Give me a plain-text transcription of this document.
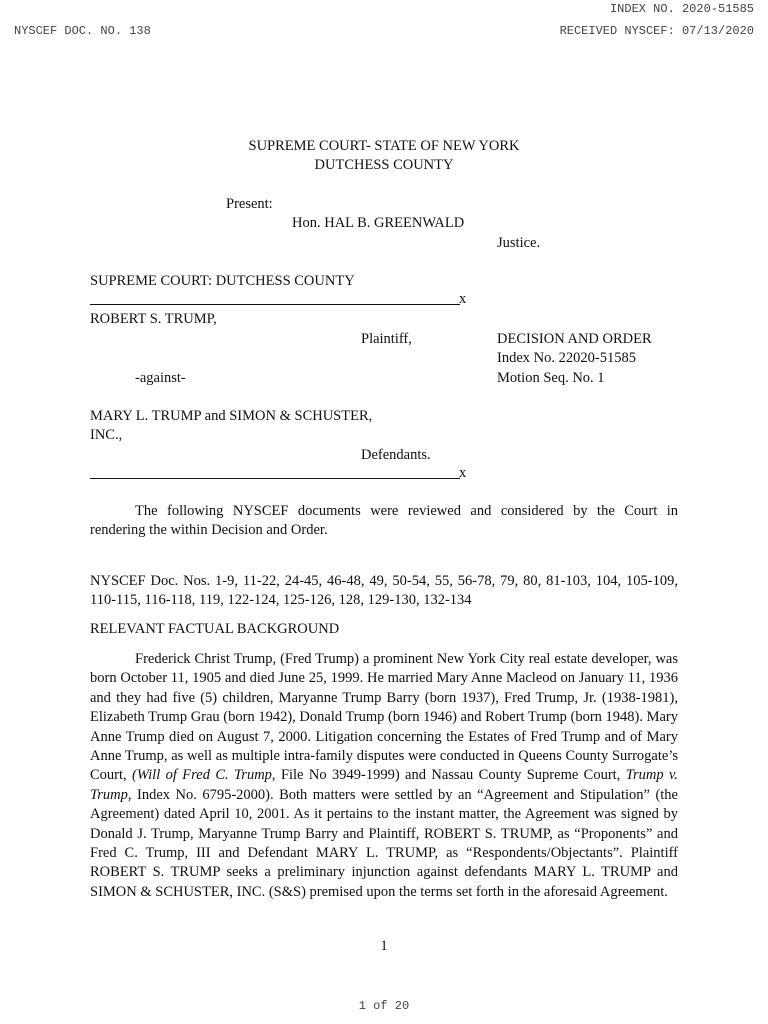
INDEX NO. 2020-51585
NYSCEF DOC. NO. 138	RECEIVED NYSCEF: 07/13/2020
SUPREME COURT- STATE OF NEW YORK
DUTCHESS COUNTY
Present:
Hon. HAL B. GREENWALD
Justice.
SUPREME COURT: DUTCHESS COUNTY
x
ROBERT S. TRUMP,
Plaintiff,	DECISION AND ORDER
Index No. 22020-51585
-against-	Motion Seq. No. 1
MARY L. TRUMP and SIMON & SCHUSTER,
INC.,
Defendants.
x
The following NYSCEF documents were reviewed and considered by the Court in
rendering the within Decision and Order.
NYSCEF Doc. Nos. 1-9, 11-22, 24-45, 46-48, 49, 50-54, 55, 56-78, 79, 80, 81-103, 104, 105-109,
110-115, 116-118, 119, 122-124, 125-126, 128, 129-130, 132-134
RELEVANT FACTUAL BACKGROUND
Frederick Christ Trump, (Fred Trump) a prominent New York City real estate developer, was born October 11, 1905 and died June 25, 1999. He married Mary Anne Macleod on January 11, 1936 and they had five (5) children, Maryanne Trump Barry (born 1937), Fred Trump, Jr. (1938-1981), Elizabeth Trump Grau (born 1942), Donald Trump (born 1946) and Robert Trump (born 1948). Mary Anne Trump died on August 7, 2000. Litigation concerning the Estates of Fred Trump and of Mary Anne Trump, as well as multiple intra-family disputes were conducted in Queens County Surrogate’s Court, (Will of Fred C. Trump, File No 3949-1999) and Nassau County Supreme Court, Trump v. Trump, Index No. 6795-2000). Both matters were settled by an “Agreement and Stipulation” (the Agreement) dated April 10, 2001. As it pertains to the instant matter, the Agreement was signed by Donald J. Trump, Maryanne Trump Barry and Plaintiff, ROBERT S. TRUMP, as “Proponents” and Fred C. Trump, III and Defendant MARY L. TRUMP, as “Respondents/Objectants”. Plaintiff ROBERT S. TRUMP seeks a preliminary injunction against defendants MARY L. TRUMP and SIMON & SCHUSTER, INC. (S&S) premised upon the terms set forth in the aforesaid Agreement.
1
1 of 20
